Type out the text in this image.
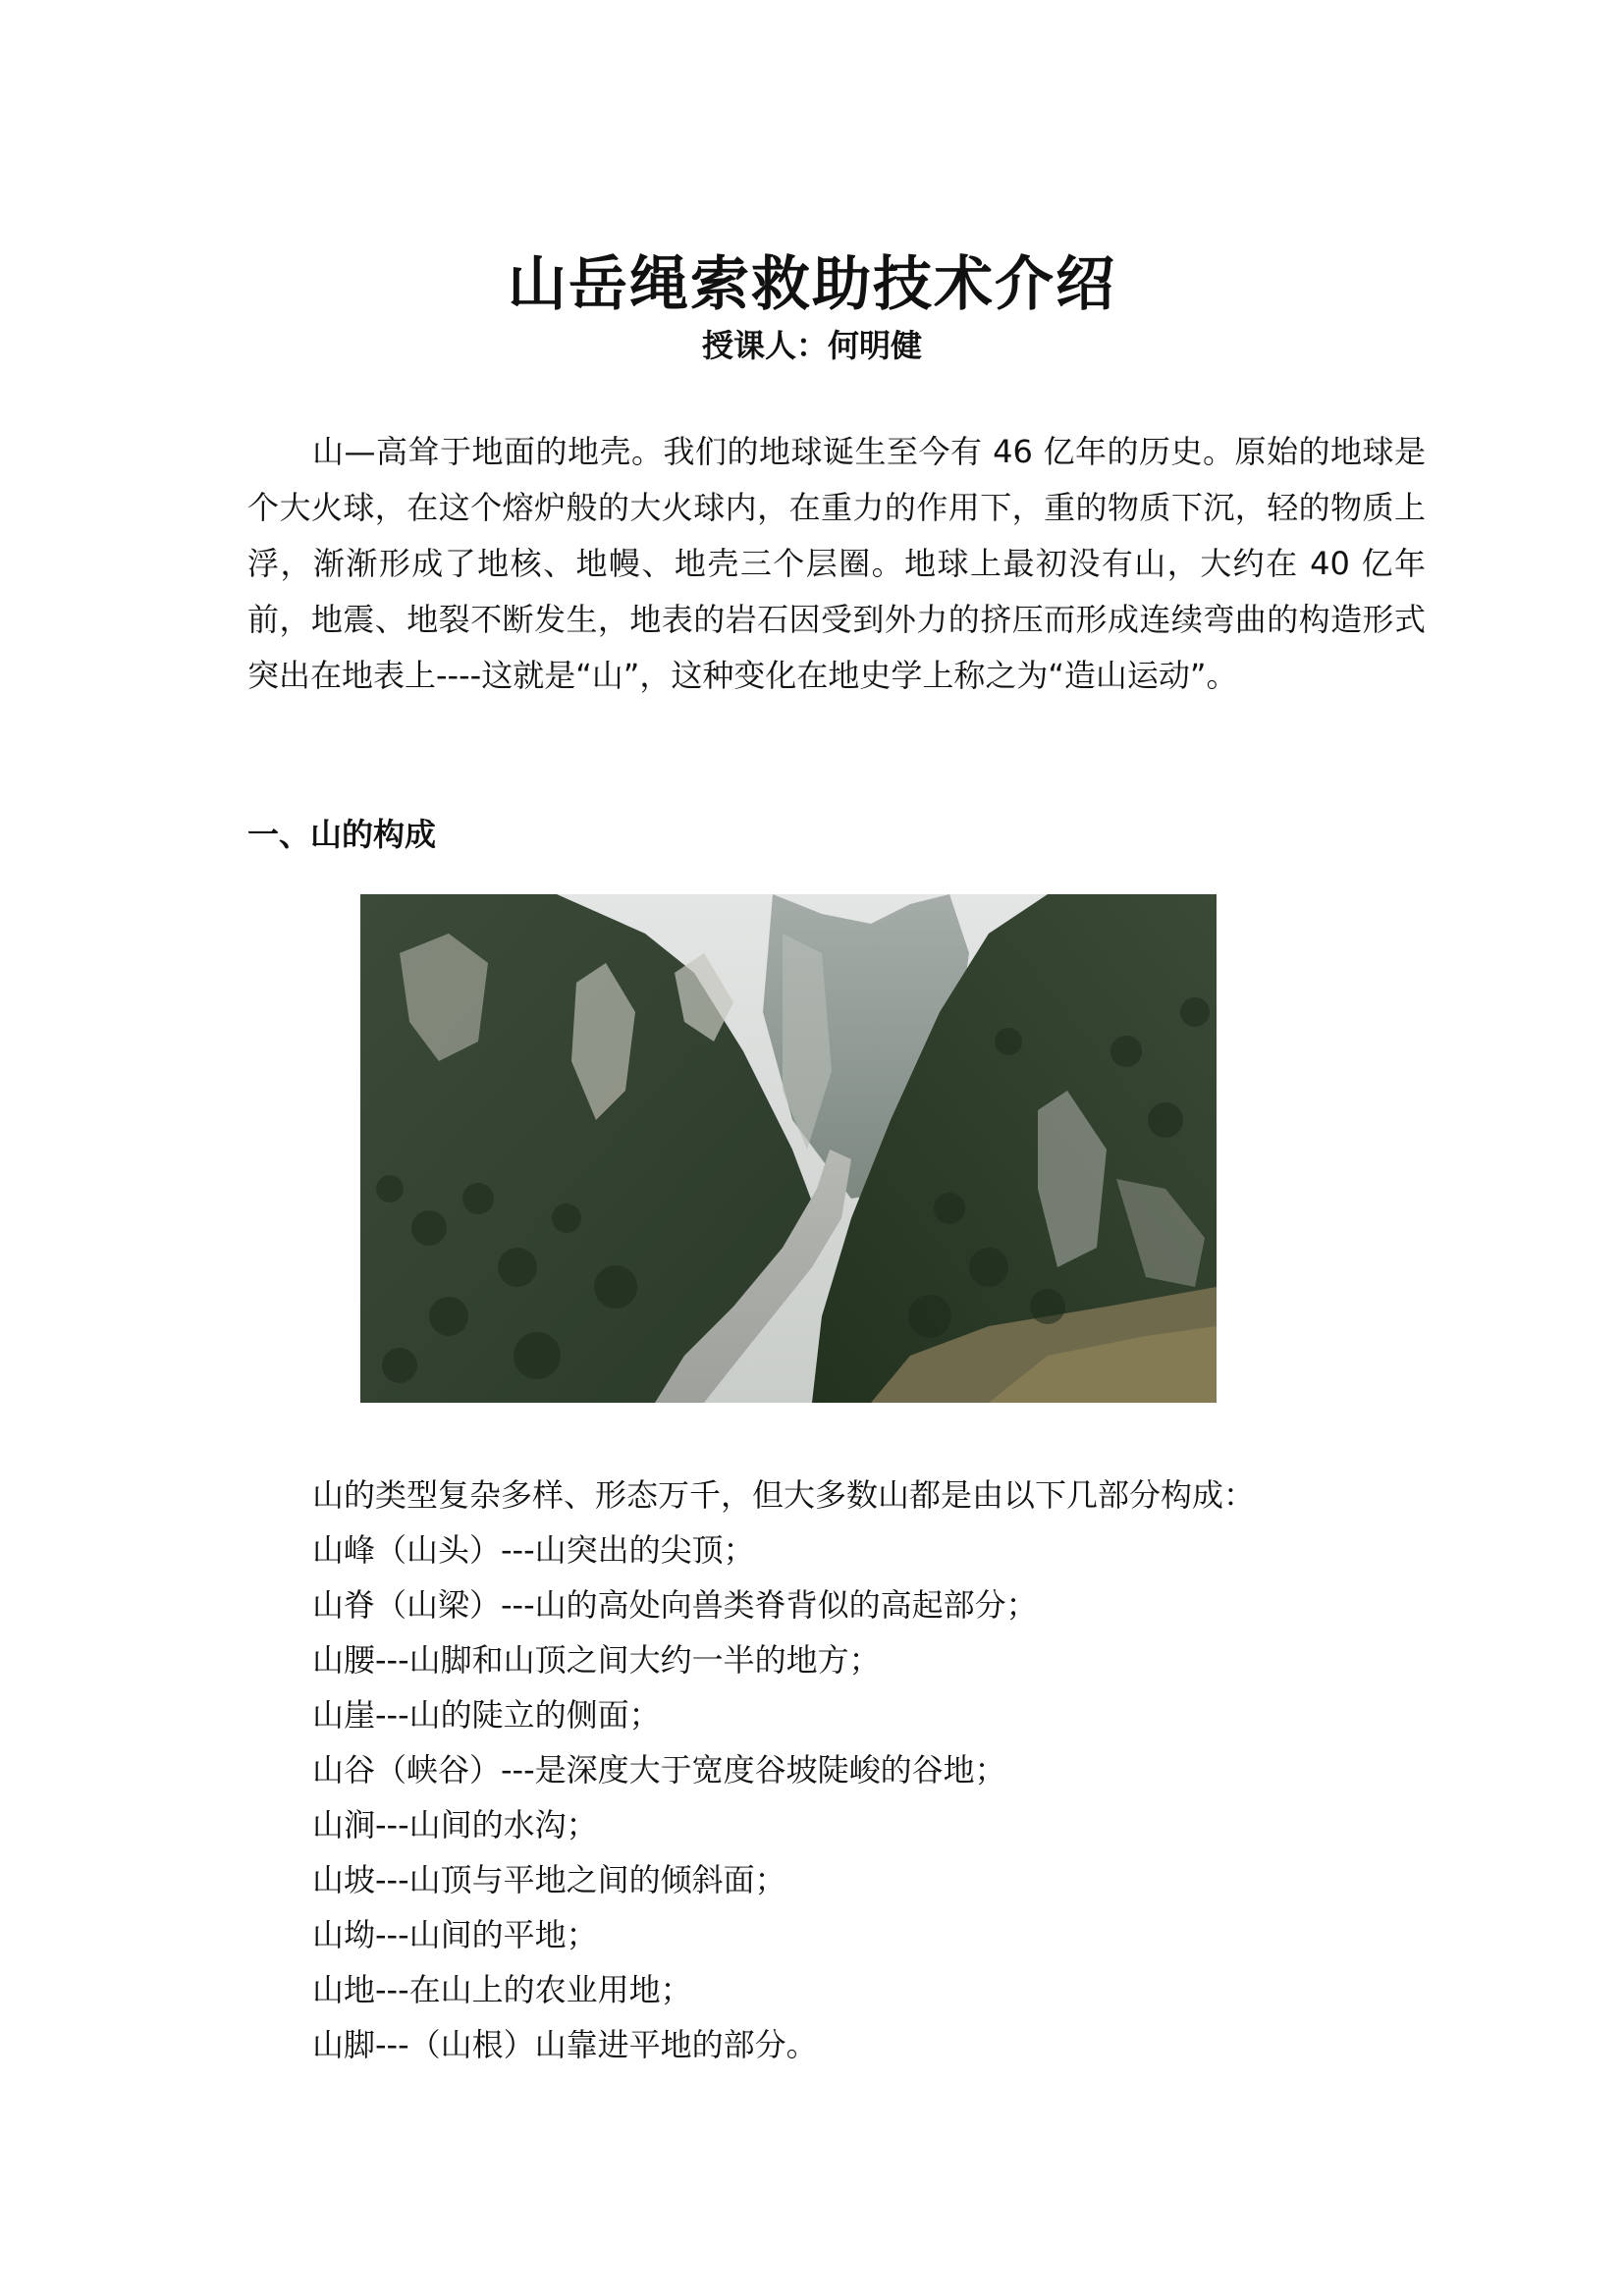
山岳绳索救助技术介绍
授课人：何明健

山—高耸于地面的地壳。我们的地球诞生至今有 46 亿年的历史。原始的地球是个大火球，在这个熔炉般的大火球内，在重力的作用下，重的物质下沉，轻的物质上浮，渐渐形成了地核、地幔、地壳三个层圈。地球上最初没有山，大约在 40 亿年前，地震、地裂不断发生，地表的岩石因受到外力的挤压而形成连续弯曲的构造形式突出在地表上----这就是“山”，这种变化在地史学上称之为“造山运动”。

一、山的构成
山的类型复杂多样、形态万千，但大多数山都是由以下几部分构成：
山峰（山头）---山突出的尖顶；
山脊（山梁）---山的高处向兽类脊背似的高起部分；
山腰---山脚和山顶之间大约一半的地方；
山崖---山的陡立的侧面；
山谷（峡谷）---是深度大于宽度谷坡陡峻的谷地；
山涧---山间的水沟；
山坡---山顶与平地之间的倾斜面；
山坳---山间的平地；
山地---在山上的农业用地；
山脚---（山根）山靠进平地的部分。
